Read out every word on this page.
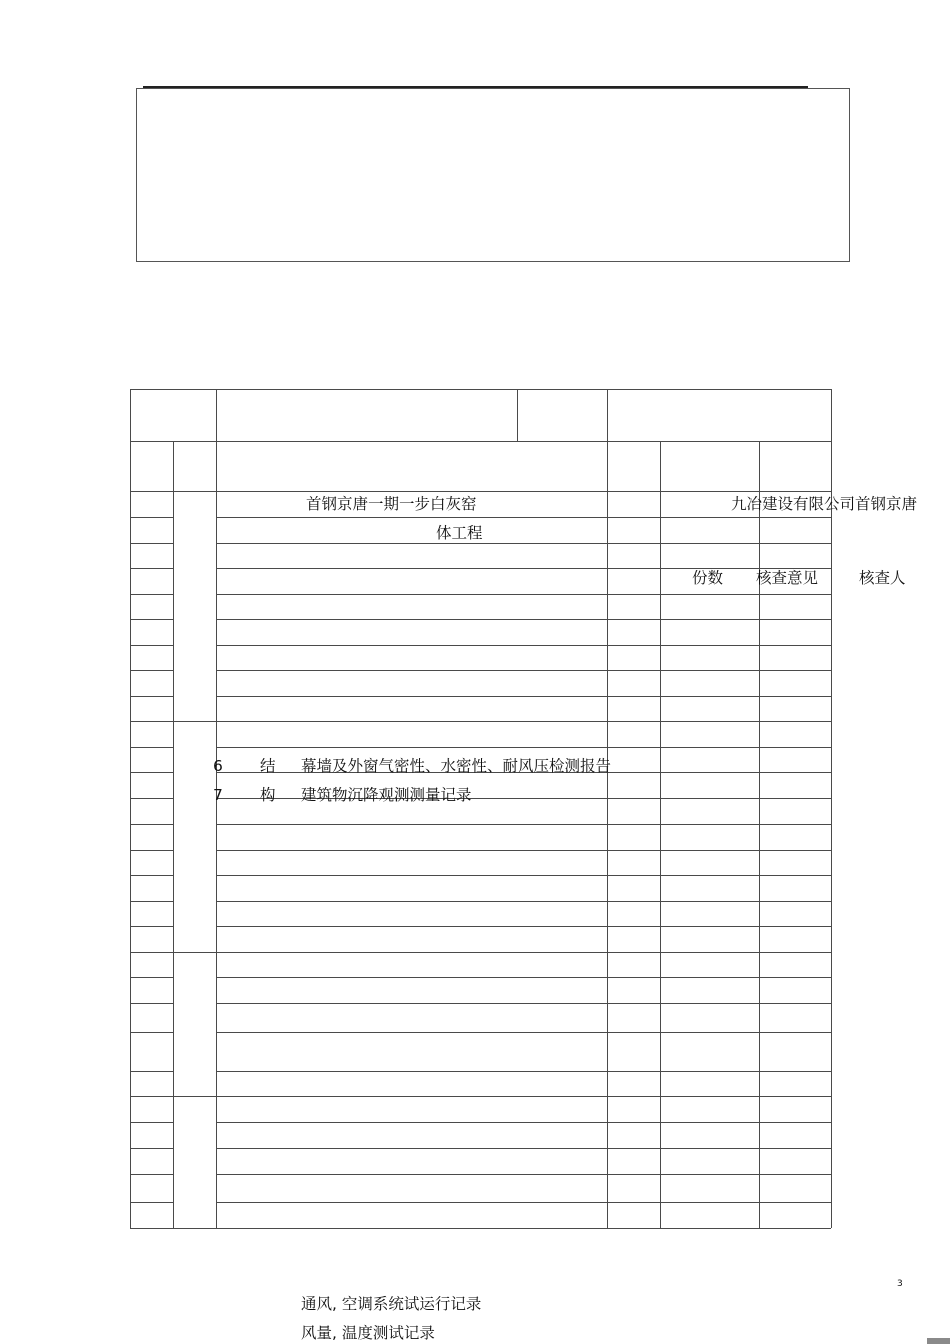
首钢京唐一期一步白灰窑
体工程
九冶建设有限公司首钢京唐
份数 核查意见	核查人
6 结 幕墙及外窗气密性、水密性、耐风压检测报告
7 构 建筑物沉降观测测量记录
通风, 空调系统试运行记录
风量, 温度测试记录
3
